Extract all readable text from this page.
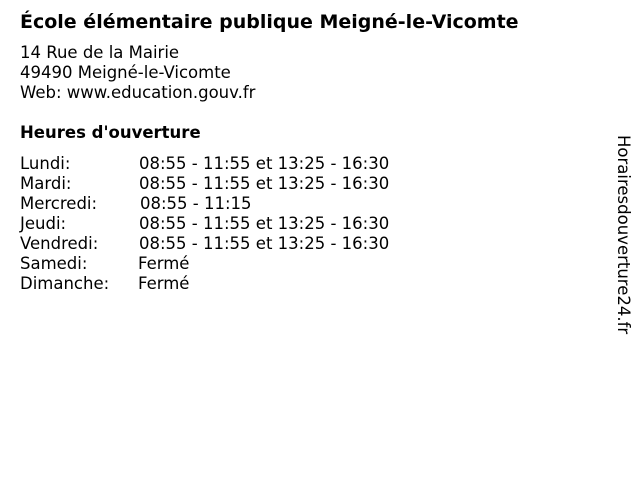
École élémentaire publique Meigné-le-Vicomte
14 Rue de la Mairie
49490 Meigné-le-Vicomte
Web: www.education.gouv.fr
Heures d'ouverture
Lundi:	08:55 - 11:55 et 13:25 - 16:30
Mardi:	08:55 - 11:55 et 13:25 - 16:30
Mercredi:	08:55 - 11:15
Jeudi:	08:55 - 11:55 et 13:25 - 16:30
Vendredi: 08:55 - 11:55 et 13:25 - 16:30
Samedi:	Fermé
Dimanche: Fermé	Horairesdouverture24.fr
